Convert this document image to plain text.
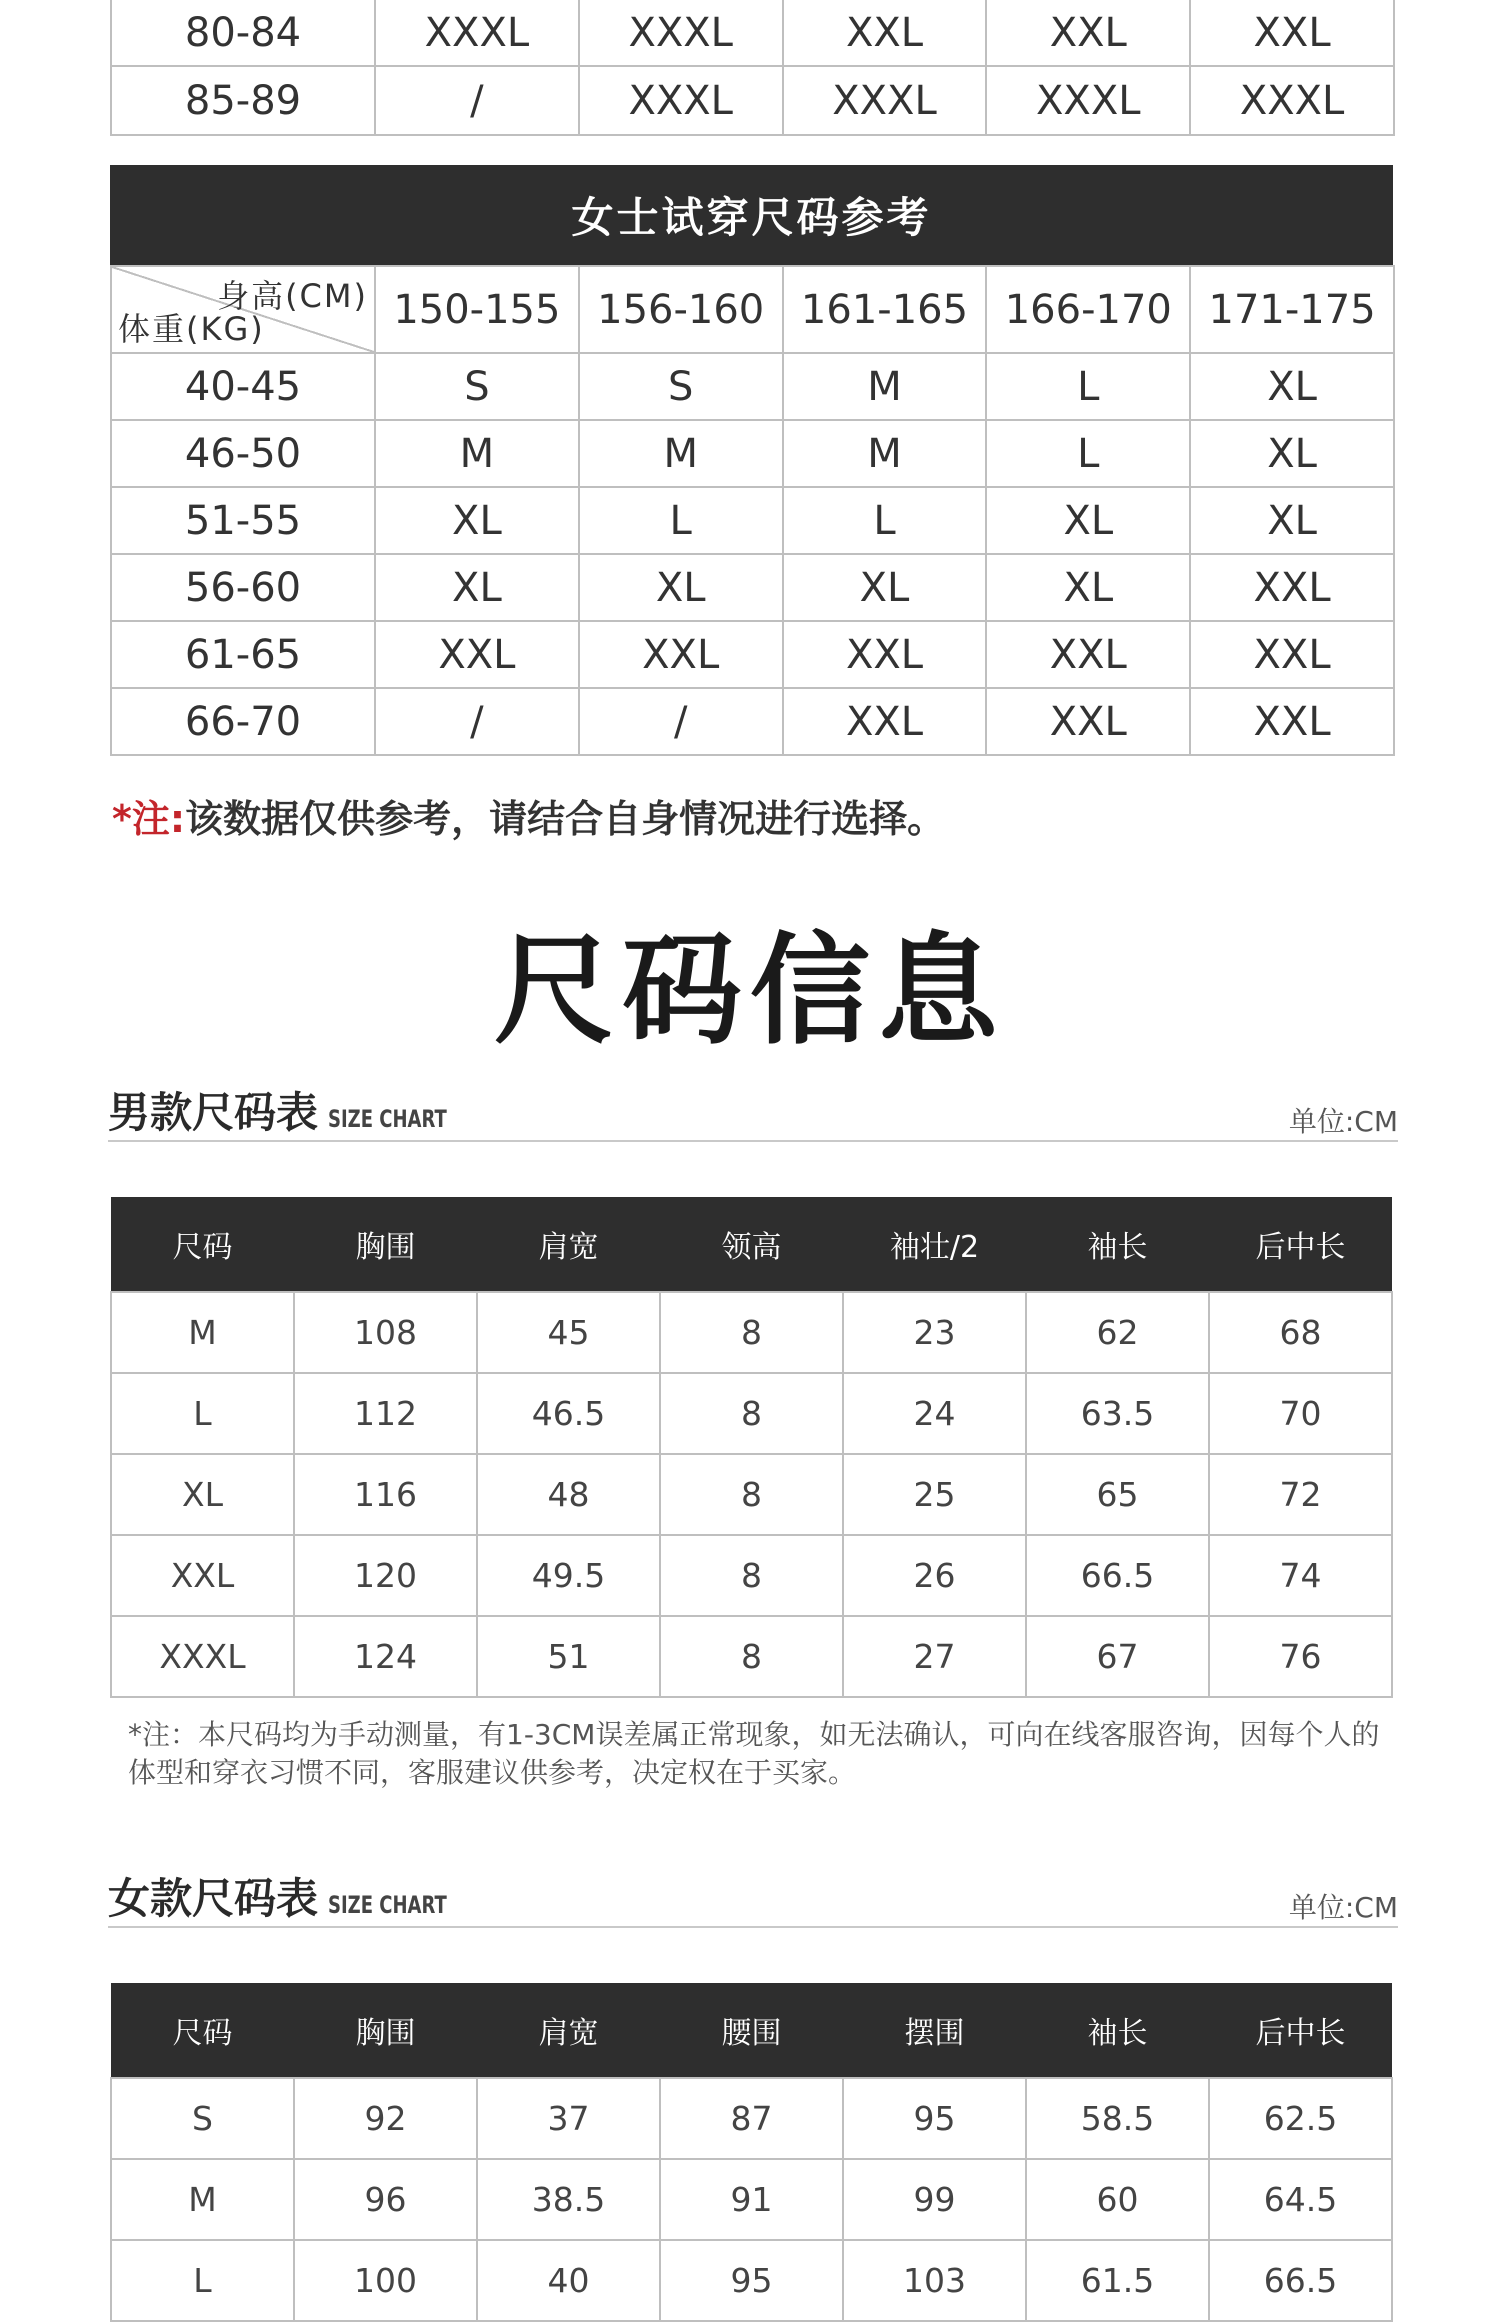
80-84	XXXL	XXXL	XXL	XXL	XXL
85-89	/	XXXL	XXXL	XXXL	XXXL
女士试穿尺码参考
身高(CM)
体重(KG)	150-155	156-160	161-165	166-170	171-175
40-45	S	S	M	L	XL
46-50	M	M	M	L	XL
51-55	XL	L	L	XL	XL
56-60	XL	XL	XL	XL	XXL
61-65	XXL	XXL	XXL	XXL	XXL
66-70	/	/	XXL	XXL	XXL
*注:该数据仅供参考，请结合自身情况进行选择。
尺码信息
男款尺码表 SIZE CHART	单位:CM
尺码	胸围	肩宽	领高	袖壮/2	袖长	后中长
M	108	45	8	23	62	68
L	112	46.5	8	24	63.5	70
XL	116	48	8	25	65	72
XXL	120	49.5	8	26	66.5	74
XXXL	124	51	8	27	67	76
*注：本尺码均为手动测量，有1-3CM误差属正常现象，如无法确认，可向在线客服咨询，因每个人的体型和穿衣习惯不同，客服建议供参考，决定权在于买家。
女款尺码表 SIZE CHART	单位:CM
尺码	胸围	肩宽	腰围	摆围	袖长	后中长
S	92	37	87	95	58.5	62.5
M	96	38.5	91	99	60	64.5
L	100	40	95	103	61.5	66.5
